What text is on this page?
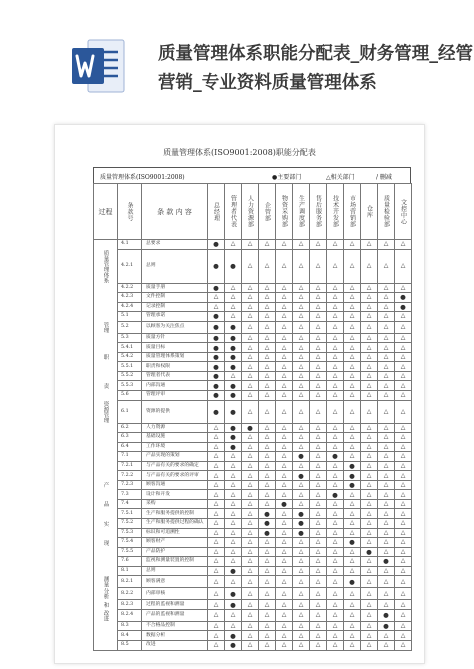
质量管理体系职能分配表_财务管理_经管营销_专业资料质量管理体系
质量管理体系(ISO9001:2008)职能分配表
质量管理体系(ISO9001:2008)	●主要部门	△相关部门	/ 删减
过程	条款号	条 款 内 容	总经理	管理者代表	人力资源部	企管部	物资采购部	生产调度部	售后服务部	技术开发部	市场营销部	仓库	质量检验部	文控中心

	4.1	总要求	●	△	△	△	△	△	△	△	△	△	△	△

质量管理体系	4.2.1	总则	●	●	△	△	△	△	△	△	△	△	△	△
	4.2.2	质量手册	●	△	△	△	△	△	△	△	△	△	△	△
	4.2.3	文件控制	△	△	△	△	△	△	△	△	△	△	△	●
	4.2.4	记录控制	△	△	△	△	△	△	△	△	△	△	△	●
	5.1	管理承诺	●	△	△	△	△	△	△	△	△	△	△	△

管理	5.2	以顾客为关注焦点	●	●	△	△	△	△	△	△	△	△	△	△
	5.3	质量方针	●	●	△	△	△	△	△	△	△	△	△	△
	5.4.1	质量目标	●	●	△	△	△	△	△	△	△	△	△	△

职	5.4.2	质量管理体系策划	●	●	△	△	△	△	△	△	△	△	△	△
	5.5.1	职责和权限	●	●	△	△	△	△	△	△	△	△	△	△
	5.5.2	管理者代表	●	△	△	△	△	△	△	△	△	△	△	△

责	5.5.3	内部沟通	●	●	△	△	△	△	△	△	△	△	△	△
	5.6	管理评审	●	●	△	△	△	△	△	△	△	△	△	△

资源管理	6.1	资源的提供	●	●	△	△	△	△	△	△	△	△	△	△
	6.2	人力资源	△	●	●	△	△	△	△	△	△	△	△	△
	6.3	基础设施	△	●	△	△	△	△	△	△	△	△	△	△
	6.4	工作环境	△	●	△	△	△	△	△	△	△	△	△	△
	7.1	产品实现的策划	△	△	△	△	△	●	△	●	△	△	△	△
	7.2.1	与产品有关的要求的确定	△	△	△	△	△	△	△	△	●	△	△	△
	7.2.2	与产品有关的要求的评审	△	△	△	△	△	●	△	△	●	△	△	△

产	7.2.3	顾客沟通	△	△	△	△	△	△	△	△	●	△	△	△
	7.3	设计和开发	△	△	△	△	△	△	△	●	△	△	△	△

品	7.4	采购	△	△	△	△	●	△	△	△	△	△	△	△
	7.5.1	生产和服务提供的控制	△	△	△	●	△	●	△	△	△	△	△	△

实	7.5.2	生产和服务提供过程的确认	△	△	△	●	△	●	△	△	△	△	△	△
	7.5.3	标识和可追溯性	△	△	△	●	△	●	△	△	△	△	△	△

现	7.5.4	顾客财产	△	△	△	△	△	△	△	△	●	△	△	△
	7.5.5	产品防护	△	△	△	△	△	△	△	△	△	●	△	△
	7.6	监视和测量装置的控制	△	△	△	△	△	△	△	△	△	△	●	△
	8.1	总则	△	●	△	△	△	△	△	△	△	△	△	△

测量	8.2.1	顾客满意	△	△	△	△	△	△	△	△	●	△	△	△

分析	8.2.2	内部审核	△	●	△	△	△	△	△	△	△	△	△	△

和	8.2.3	过程的监视和测量	△	●	△	△	△	△	△	△	△	△	△	△

改进	8.2.4	产品的监视和测量	△	△	△	△	△	△	△	△	△	△	●	△
	8.3	不合格品控制	△	△	△	△	△	△	△	△	△	△	●	△
	8.4	数据分析	△	●	△	△	△	△	△	△	△	△	△	△
	8.5	改进	△	●	△	△	△	△	△	△	△	△	△	△
